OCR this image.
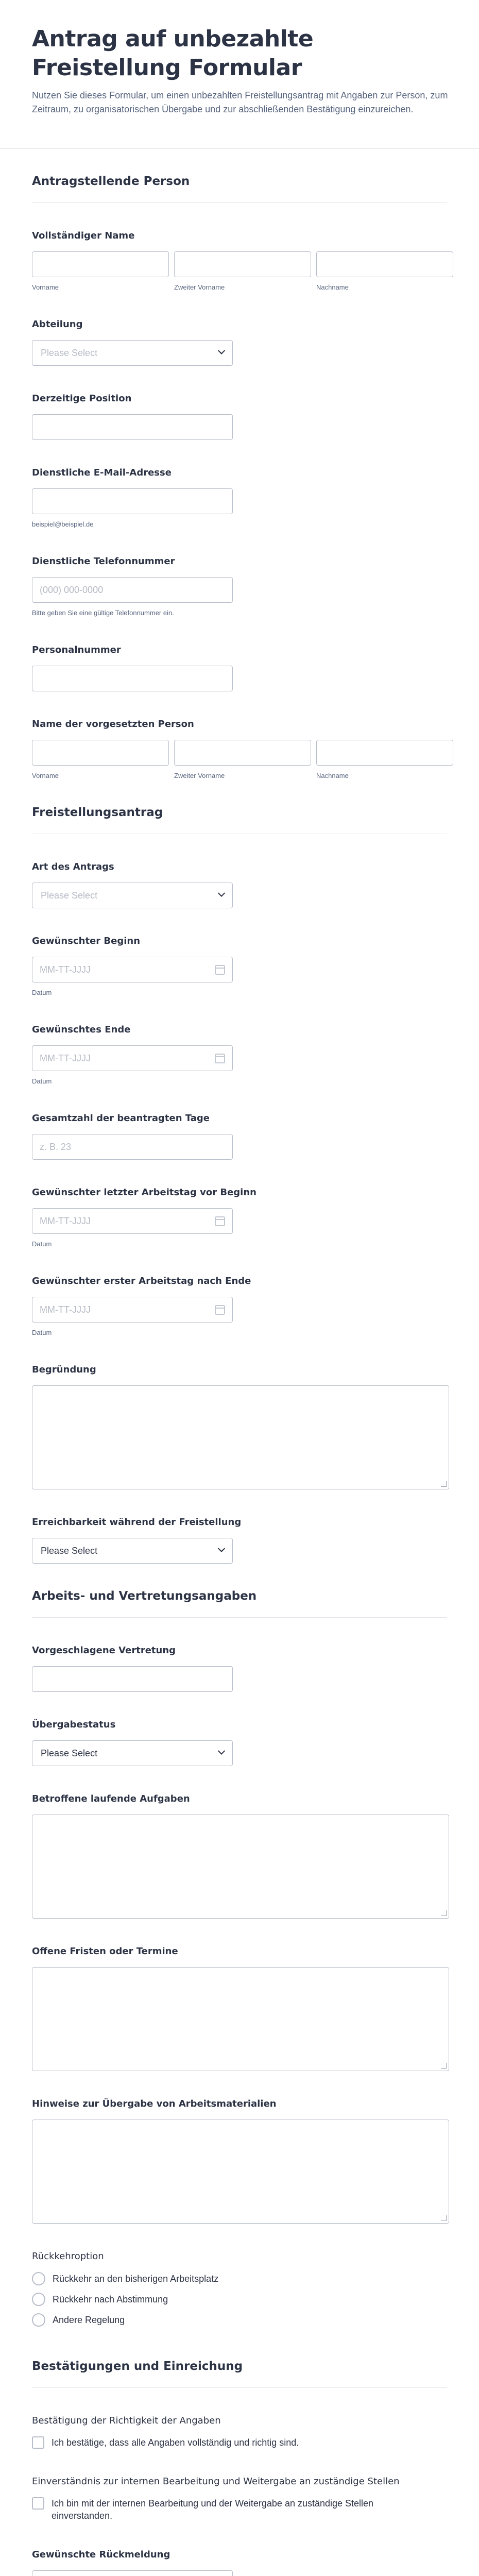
Antrag auf unbezahlte Freistellung Formular

Nutzen Sie dieses Formular, um einen unbezahlten Freistellungsantrag mit Angaben zur Person, zum Zeitraum, zu organisatorischen Übergabe und zur abschließenden Bestätigung einzureichen.

Antragstellende Person
Vollständiger Name
Vorname	Zweiter Vorname	Nachname
Abteilung
Please Select
Derzeitige Position
Dienstliche E-Mail-Adresse
beispiel@beispiel.de
Dienstliche Telefonnummer
(000) 000-0000
Bitte geben Sie eine gültige Telefonnummer ein.
Personalnummer
Name der vorgesetzten Person
Vorname	Zweiter Vorname	Nachname
Freistellungsantrag
Art des Antrags
Please Select
Gewünschter Beginn
MM-TT-JJJJ
Datum
Gewünschtes Ende
MM-TT-JJJJ
Datum
Gesamtzahl der beantragten Tage
z. B. 23
Gewünschter letzter Arbeitstag vor Beginn
MM-TT-JJJJ
Datum
Gewünschter erster Arbeitstag nach Ende
MM-TT-JJJJ
Datum
Begründung
Erreichbarkeit während der Freistellung
Please Select
Arbeits- und Vertretungsangaben
Vorgeschlagene Vertretung
Übergabestatus
Please Select
Betroffene laufende Aufgaben
Offene Fristen oder Termine
Hinweise zur Übergabe von Arbeitsmaterialien
Rückkehroption
Rückkehr an den bisherigen Arbeitsplatz
Rückkehr nach Abstimmung
Andere Regelung
Bestätigungen und Einreichung
Bestätigung der Richtigkeit der Angaben
Ich bestätige, dass alle Angaben vollständig und richtig sind.
Einverständnis zur internen Bearbeitung und Weitergabe an zuständige Stellen
Ich bin mit der internen Bearbeitung und der Weitergabe an zuständige Stellen einverstanden.
Gewünschte Rückmeldung
